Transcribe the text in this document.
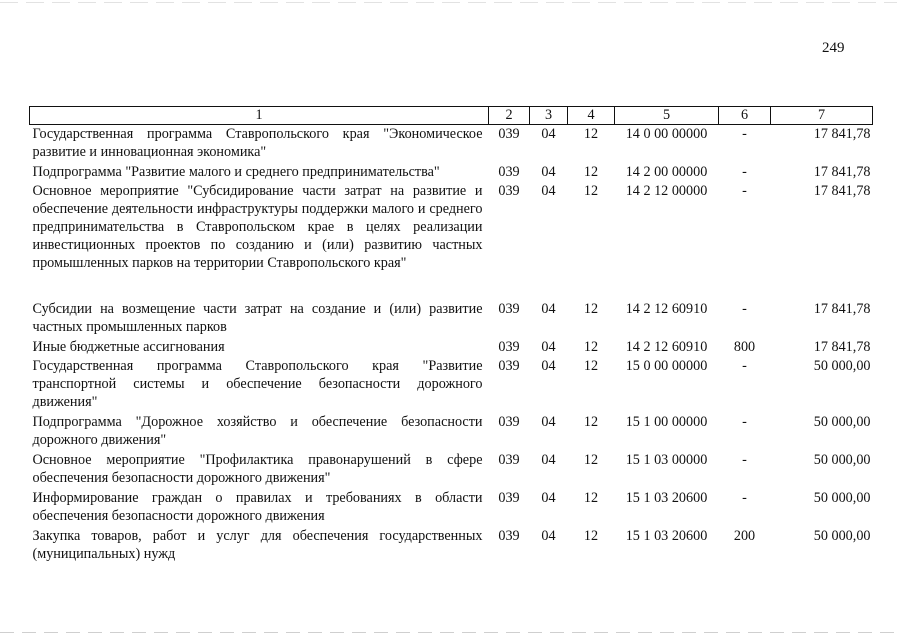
249
1	2	3	4	5	6	7
Государственная программа Ставропольского края "Экономическое развитие и инновационная экономика"	039	04	12	14 0 00 00000	-	17 841,78
Подпрограмма "Развитие малого и среднего предпринимательства"	039	04	12	14 2 00 00000	-	17 841,78
Основное мероприятие "Субсидирование части затрат на развитие и обеспечение деятельности инфраструктуры поддержки малого и среднего предпринимательства в Ставропольском крае в целях реализации инвестиционных проектов по созданию и (или) развитию частных промышленных парков на территории Ставропольского края"	039	04	12	14 2 12 00000	-	17 841,78
Субсидии на возмещение части затрат на создание и (или) развитие частных промышленных парков	039	04	12	14 2 12 60910	-	17 841,78
Иные бюджетные ассигнования	039	04	12	14 2 12 60910	800	17 841,78
Государственная программа Ставропольского края "Развитие транспортной системы и обеспечение безопасности дорожного движения"	039	04	12	15 0 00 00000	-	50 000,00
Подпрограмма "Дорожное хозяйство и обеспечение безопасности дорожного движения"	039	04	12	15 1 00 00000	-	50 000,00
Основное мероприятие "Профилактика правонарушений в сфере обеспечения безопасности дорожного движения"	039	04	12	15 1 03 00000	-	50 000,00
Информирование граждан о правилах и требованиях в области обеспечения безопасности дорожного движения	039	04	12	15 1 03 20600	-	50 000,00
Закупка товаров, работ и услуг для обеспечения государственных (муниципальных) нужд	039	04	12	15 1 03 20600	200	50 000,00
